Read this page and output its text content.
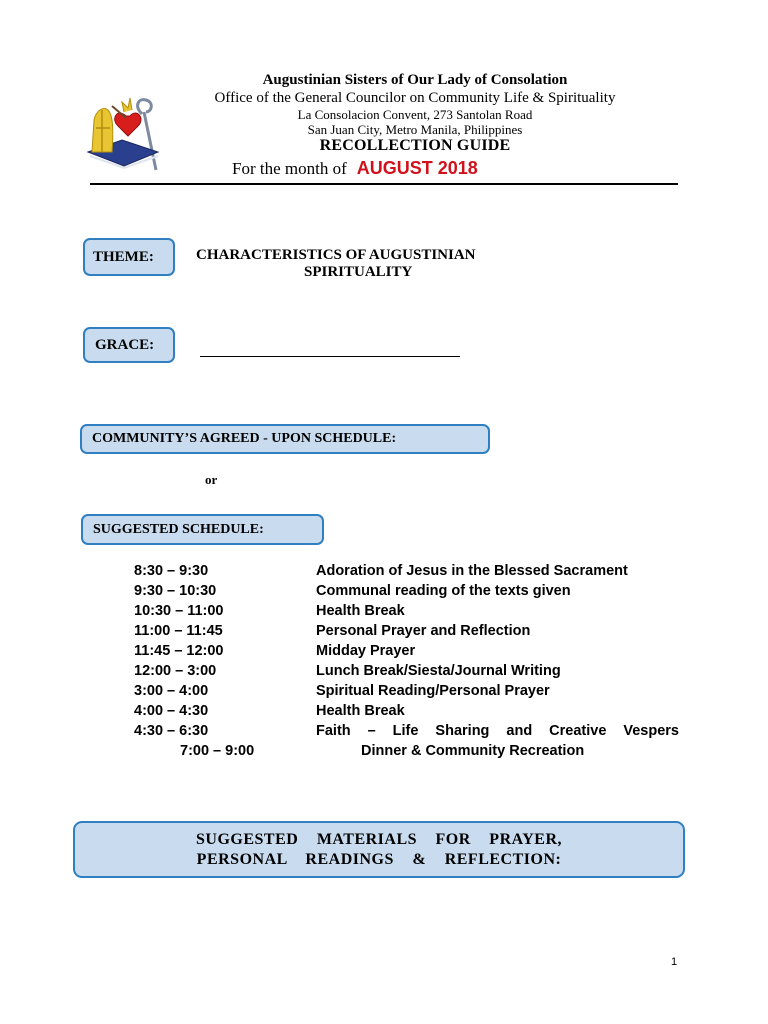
Augustinian Sisters of Our Lady of Consolation
Office of the General Councilor on Community Life & Spirituality
La Consolacion Convent, 273 Santolan Road
San Juan City, Metro Manila, Philippines
RECOLLECTION GUIDE
For the month of AUGUST 2018
THEME:	CHARACTERISTICS OF AUGUSTINIAN
SPIRITUALITY
GRACE:
COMMUNITY’S AGREED - UPON SCHEDULE:
or
SUGGESTED SCHEDULE:
8:30 – 9:30	Adoration of Jesus in the Blessed Sacrament
9:30 – 10:30	Communal reading of the texts given
10:30 – 11:00	Health Break
11:00 – 11:45	Personal Prayer and Reflection
11:45 – 12:00	Midday Prayer
12:00 – 3:00	Lunch Break/Siesta/Journal Writing
3:00 – 4:00	Spiritual Reading/Personal Prayer
4:00 – 4:30	Health Break
4:30 – 6:30	Faith – Life Sharing and Creative Vespers
7:00 – 9:00	Dinner & Community Recreation
SUGGESTED MATERIALS FOR PRAYER,
PERSONAL READINGS & REFLECTION:
1
